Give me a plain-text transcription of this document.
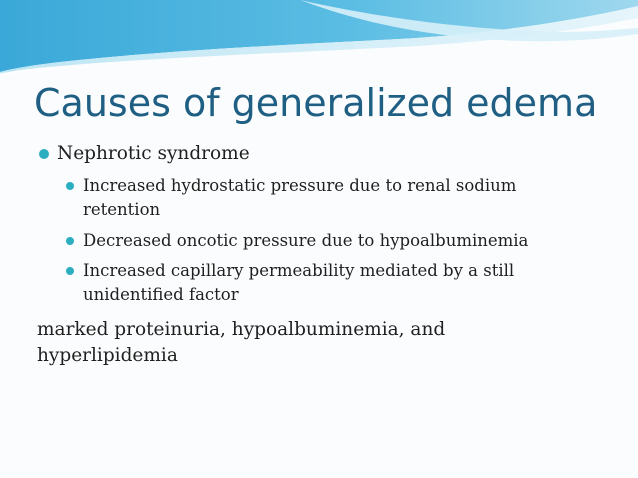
Causes of generalized edema
Nephrotic syndrome
Increased hydrostatic pressure due to renal sodium retention
Decreased oncotic pressure due to hypoalbuminemia
Increased capillary permeability mediated by a still unidentified factor
marked proteinuria, hypoalbuminemia, and hyperlipidemia
